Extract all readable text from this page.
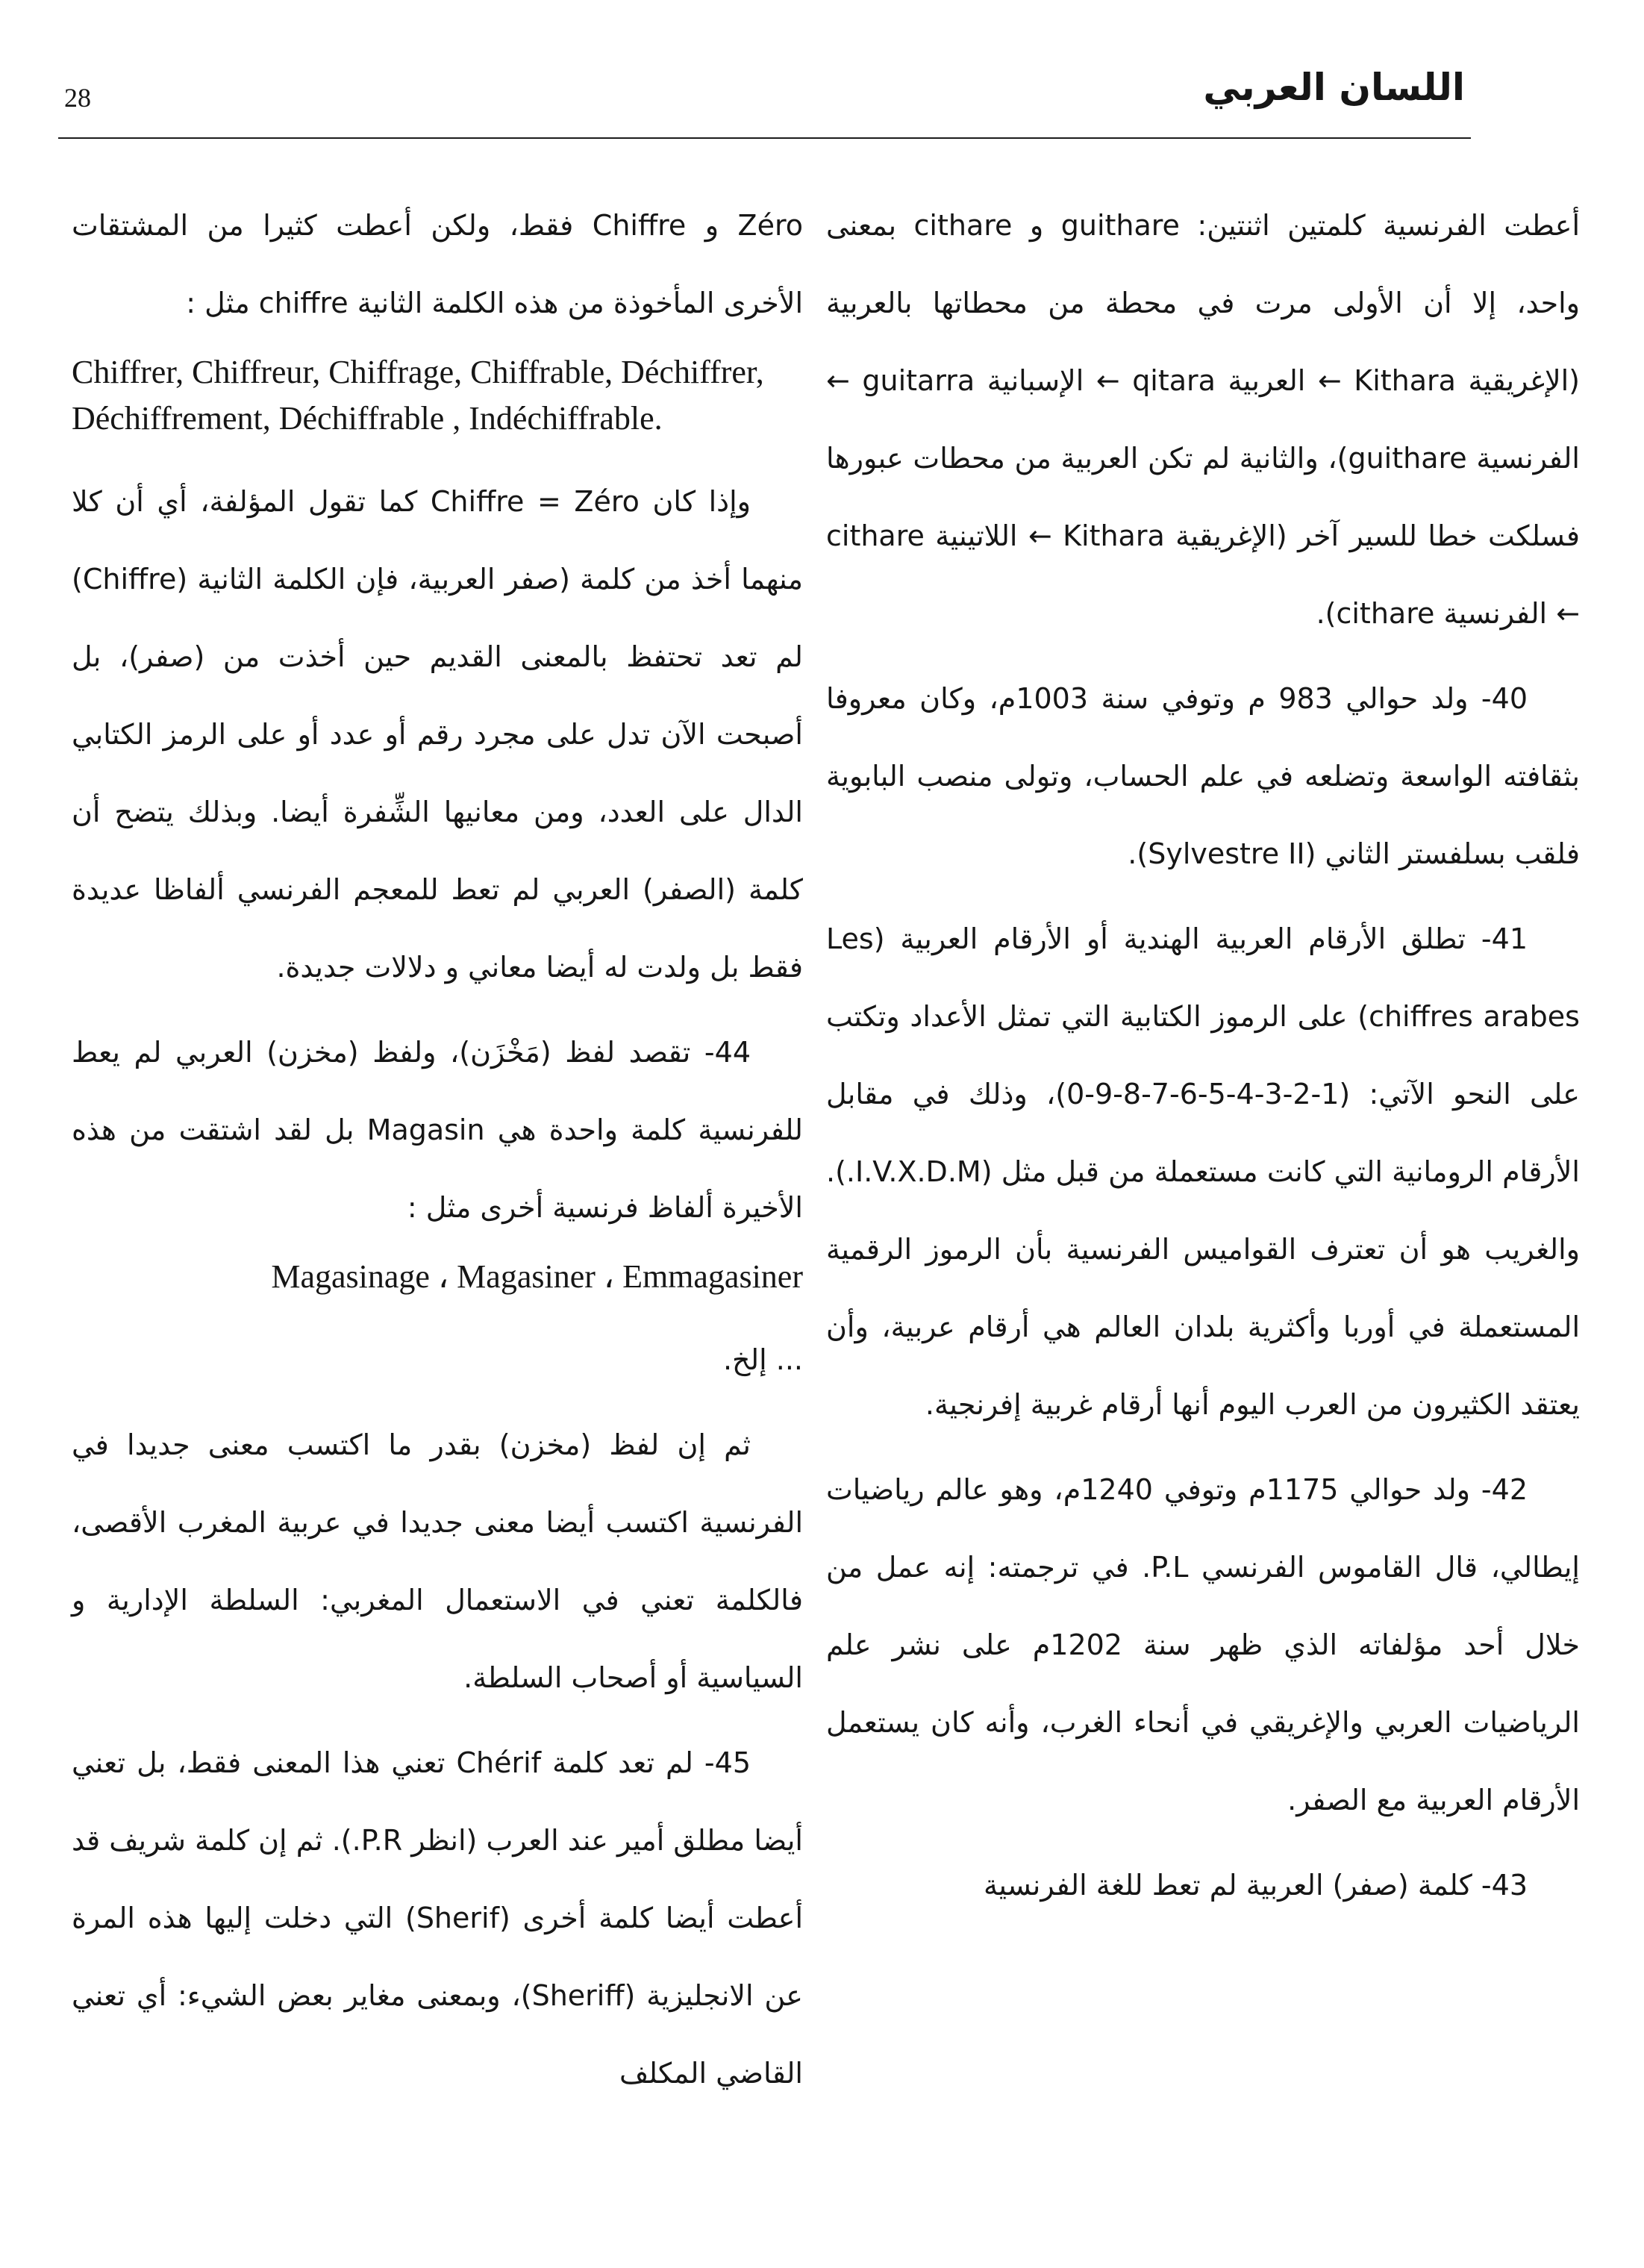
28	اللسان العربي

أعطت الفرنسية كلمتين اثنتين: guithare و cithare بمعنى واحد، إلا أن الأولى مرت في محطة من محطاتها بالعربية (الإغريقية Kithara ← العربية qitara ← الإسبانية guitarra ← الفرنسية guithare)، والثانية لم تكن العربية من محطات عبورها فسلكت خطا للسير آخر (الإغريقية Kithara ← اللاتينية cithare ← الفرنسية cithare).

40- ولد حوالي 983 م وتوفي سنة 1003م، وكان معروفا بثقافته الواسعة وتضلعه في علم الحساب، وتولى منصب البابوية فلقب بسلفستر الثاني (Sylvestre II).

41- تطلق الأرقام العربية الهندية أو الأرقام العربية (Les chiffres arabes) على الرموز الكتابية التي تمثل الأعداد وتكتب على النحو الآتي: (1-2-3-4-5-6-7-8-9-0)، وذلك في مقابل الأرقام الرومانية التي كانت مستعملة من قبل مثل (I.V.X.D.M.). والغريب هو أن تعترف القواميس الفرنسية بأن الرموز الرقمية المستعملة في أوربا وأكثرية بلدان العالم هي أرقام عربية، وأن يعتقد الكثيرون من العرب اليوم أنها أرقام غربية إفرنجية.

42- ولد حوالي 1175م وتوفي 1240م، وهو عالم رياضيات إيطالي، قال القاموس الفرنسي P.L. في ترجمته: إنه عمل من خلال أحد مؤلفاته الذي ظهر سنة 1202م على نشر علم الرياضيات العربي والإغريقي في أنحاء الغرب، وأنه كان يستعمل الأرقام العربية مع الصفر.

43- كلمة (صفر) العربية لم تعط للغة الفرنسية

Zéro و Chiffre فقط، ولكن أعطت كثيرا من المشتقات الأخرى المأخوذة من هذه الكلمة الثانية chiffre مثل :

Chiffrer, Chiffreur, Chiffrage, Chiffrable, Déchiffrer, Déchiffrement, Déchiffrable , Indéchiffrable.

وإذا كان Chiffre = Zéro كما تقول المؤلفة، أي أن كلا منهما أخذ من كلمة (صفر العربية، فإن الكلمة الثانية (Chiffre) لم تعد تحتفظ بالمعنى القديم حين أخذت من (صفر)، بل أصبحت الآن تدل على مجرد رقم أو عدد أو على الرمز الكتابي الدال على العدد، ومن معانيها الشِّفرة أيضا. وبذلك يتضح أن كلمة (الصفر) العربي لم تعط للمعجم الفرنسي ألفاظا عديدة فقط بل ولدت له أيضا معاني و دلالات جديدة.

44- تقصد لفظ (مَخْزَن)، ولفظ (مخزن) العربي لم يعط للفرنسية كلمة واحدة هي Magasin بل لقد اشتقت من هذه الأخيرة ألفاظ فرنسية أخرى مثل :

Magasinage ، Magasiner ، Emmagasiner

... إلخ.

ثم إن لفظ (مخزن) بقدر ما اكتسب معنى جديدا في الفرنسية اكتسب أيضا معنى جديدا في عربية المغرب الأقصى، فالكلمة تعني في الاستعمال المغربي: السلطة الإدارية و السياسية أو أصحاب السلطة.

45- لم تعد كلمة Chérif تعني هذا المعنى فقط، بل تعني أيضا مطلق أمير عند العرب (انظر P.R.). ثم إن كلمة شريف قد أعطت أيضا كلمة أخرى (Sherif) التي دخلت إليها هذه المرة عن الانجليزية (Sheriff)، وبمعنى مغاير بعض الشيء: أي تعني القاضي المكلف
